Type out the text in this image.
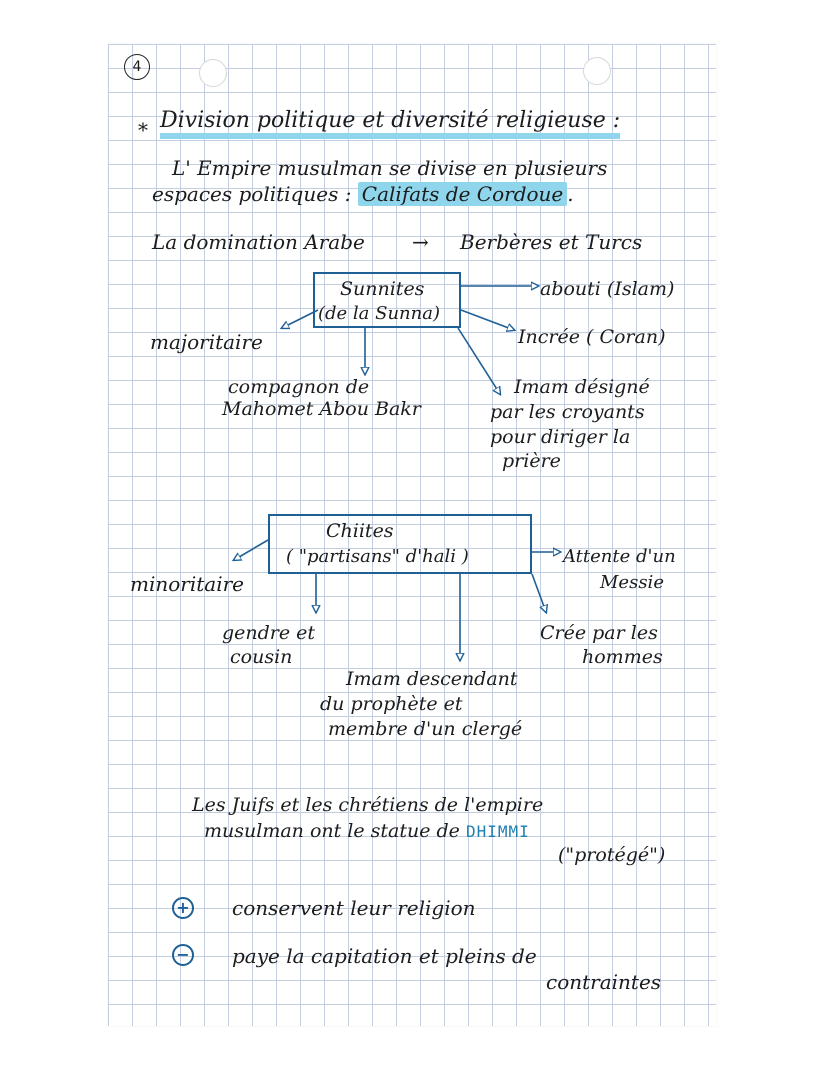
4
* Division politique et diversité religieuse :
L' Empire musulman se divise en plusieurs
espaces politiques : Califats de Cordoue .
La domination Arabe → Berbères et Turcs
Sunnites
(de la Sunna)
majoritaire
compagnon de
Mahomet Abou Bakr
abouti (Islam)
Incrée ( Coran)
Imam désigné
par les croyants
pour diriger la
prière
Chiites
( "partisans" d'hali )
minoritaire
Attente d'un
Messie
gendre et
cousin
Crée par les
hommes
Imam descendant
du prophète et
membre d'un clergé
Les Juifs et les chrétiens de l'empire
musulman ont le statue de DHIMMI
("protégé")
+ conservent leur religion
− paye la capitation et pleins de
contraintes
